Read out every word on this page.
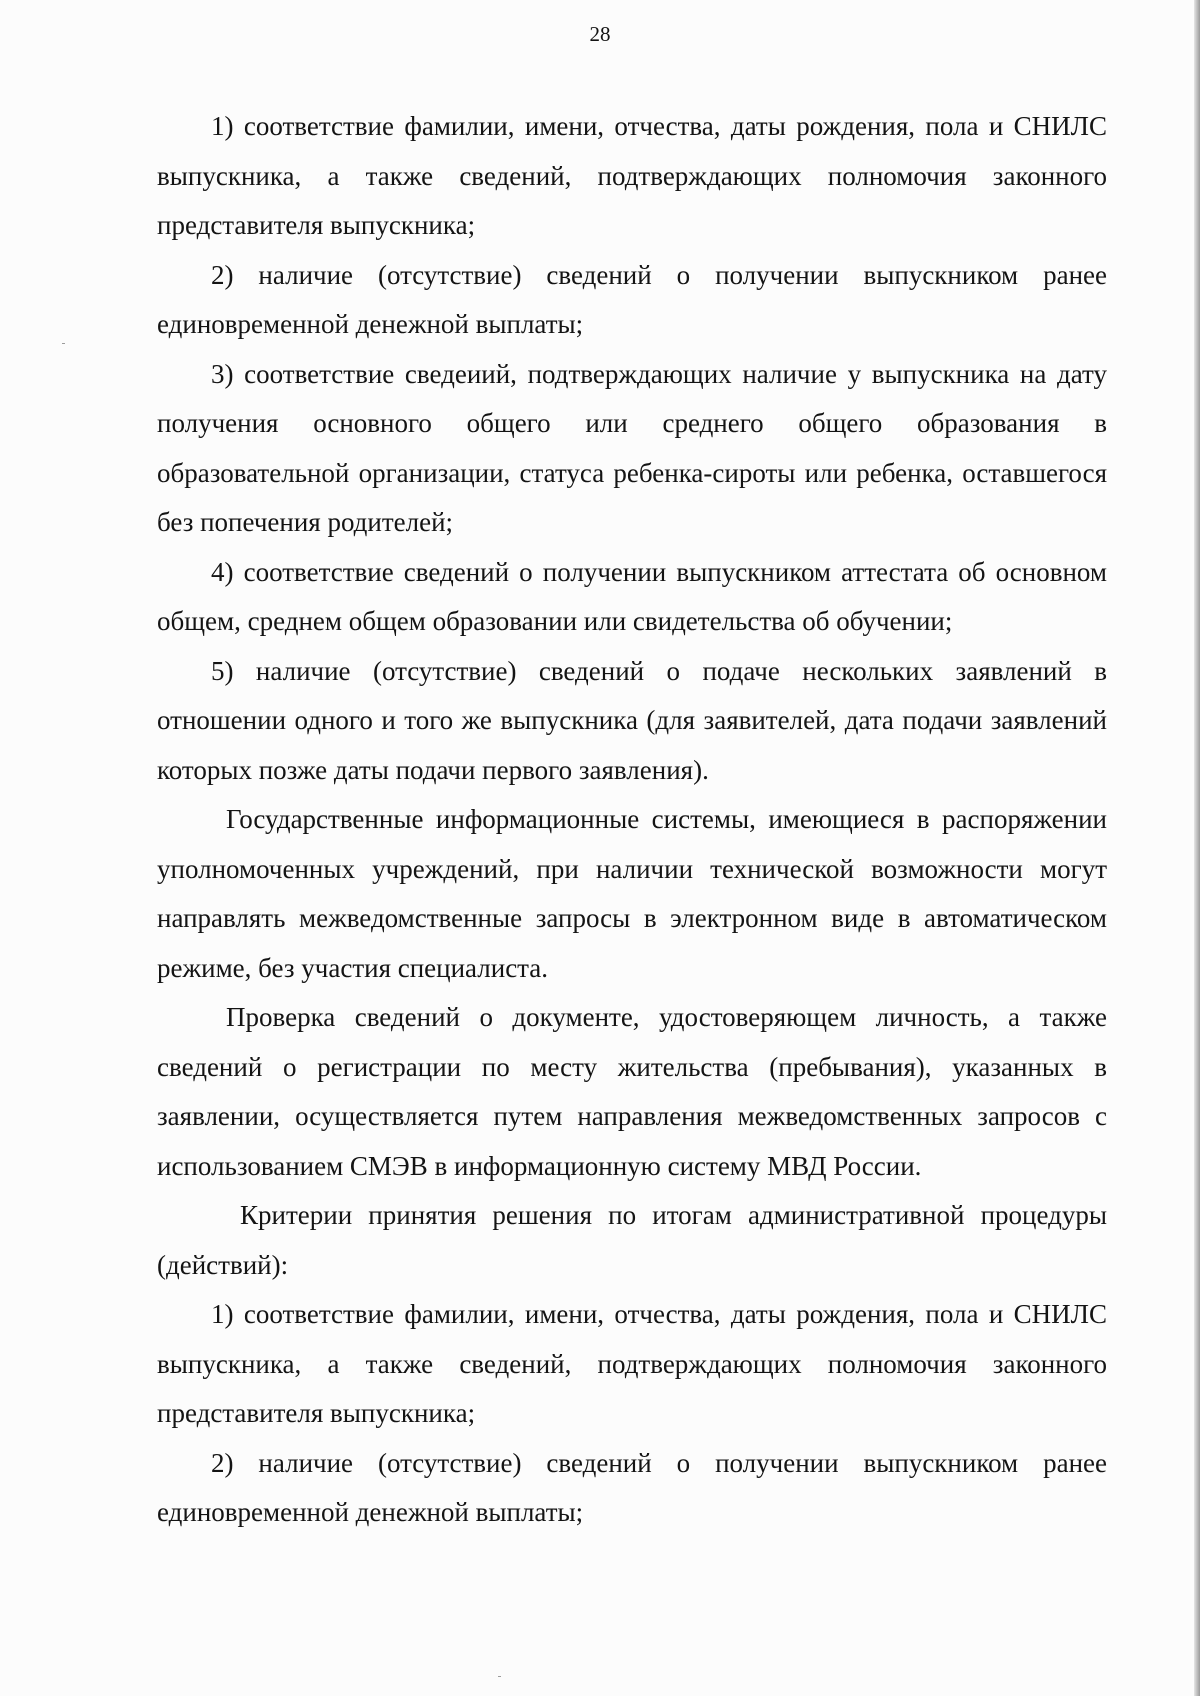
28

1) соответствие фамилии, имени, отчества, даты рождения, пола и СНИЛС выпускника, а также сведений, подтверждающих полномочия законного представителя выпускника;

2) наличие (отсутствие) сведений о получении выпускником ранее единовременной денежной выплаты;

3) соответствие сведеиий, подтверждающих наличие у выпускника на дату получения основного общего или среднего общего образования в образовательной организации, статуса ребенка-сироты или ребенка, оставшегося без попечения родителей;

4) соответствие сведений о получении выпускником аттестата об основном общем, среднем общем образовании или свидетельства об обучении;

5) наличие (отсутствие) сведений о подаче нескольких заявлений в отношении одного и того же выпускника (для заявителей, дата подачи заявлений которых позже даты подачи первого заявления).

Государственные информационные системы, имеющиеся в распоряжении уполномоченных учреждений, при наличии технической возможности могут направлять межведомственные запросы в электронном виде в автоматическом режиме, без участия специалиста.

Проверка сведений о документе, удостоверяющем личность, а также сведений о регистрации по месту жительства (пребывания), указанных в заявлении, осуществляется путем направления межведомственных запросов с использованием СМЭВ в информационную систему МВД России.

Критерии принятия решения по итогам административной процедуры (действий):

1) соответствие фамилии, имени, отчества, даты рождения, пола и СНИЛС выпускника, а также сведений, подтверждающих полномочия законного представителя выпускника;

2) наличие (отсутствие) сведений о получении выпускником ранее единовременной денежной выплаты;
